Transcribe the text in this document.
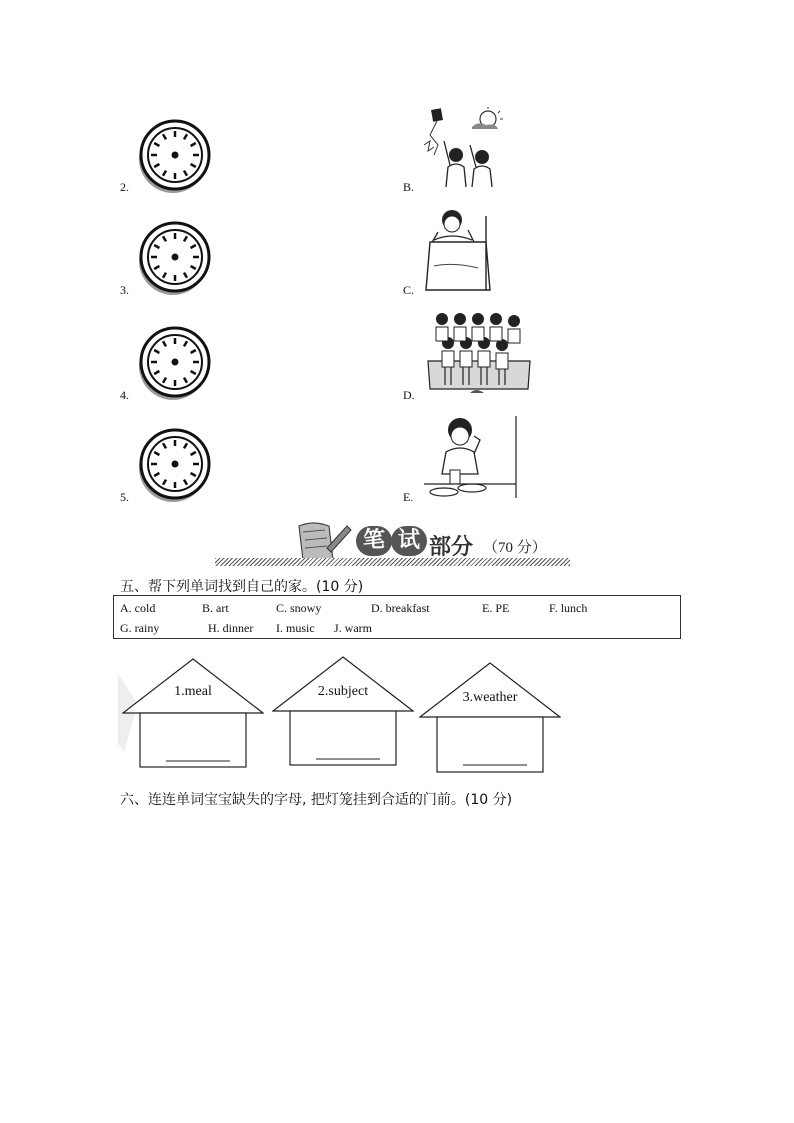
2.	B.
3.	C.
4.	D.
5.	E.
笔 试 部分 （70 分）
五、帮下列单词找到自己的家。(10 分)
A. cold	B. art	C. snowy	D. breakfast	E. PE	F. lunch
G. rainy	H. dinner I. music J. warm
1.meal	2.subject	3.weather
六、连连单词宝宝缺失的字母, 把灯笼挂到合适的门前。(10 分)
